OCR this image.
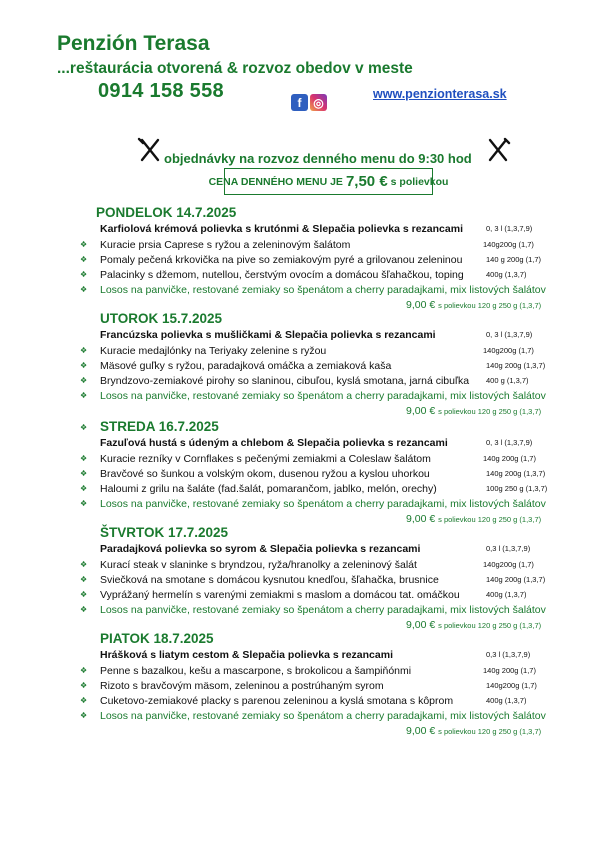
Penzión Terasa
...reštaurácia otvorená & rozvoz obedov v meste
0914 158 558
f ◎
www.penzionterasa.sk
objednávky na rozvoz denného menu do 9:30 hod
CENA DENNÉHO MENU JE 7,50 € s polievkou
PONDELOK 14.7.2025
Karfiolová krémová polievka s krutónmi & Slepačia polievka s rezancami	0, 3 l (1,3,7,9)
❖ Kuracie prsia Caprese s ryžou a zeleninovým šalátom	140g200g (1,7)
❖ Pomaly pečená krkovička na pive so zemiakovým pyré a grilovanou zeleninou	140 g 200g (1,7)
❖ Palacinky s džemom, nutellou, čerstvým ovocím a domácou šľahačkou, toping	400g (1,3,7)
❖ Losos na panvičke, restované zemiaky so špenátom a cherry paradajkami, mix listových šalátov
9,00 € s polievkou 120 g 250 g (1,3,7)
UTOROK 15.7.2025
Francúzska polievka s mušličkami & Slepačia polievka s rezancami	0, 3 l (1,3,7,9)
❖ Kuracie medajlónky na Teriyaky zelenine s ryžou	140g200g (1,7)
❖ Mäsové guľky s ryžou, paradajková omáčka a zemiaková kaša	140g 200g (1,3,7)
❖ Bryndzovo-zemiakové pirohy so slaninou, cibuľou, kyslá smotana, jarná cibuľka 400 g (1,3,7)
❖ Losos na panvičke, restované zemiaky so špenátom a cherry paradajkami, mix listových šalátov
9,00 € s polievkou 120 g 250 g (1,3,7)
❖ STREDA 16.7.2025
Fazuľová hustá s údeným a chlebom & Slepačia polievka s rezancami	0, 3 l (1,3,7,9)
❖ Kuracie rezníky v Cornflakes s pečenými zemiakmi a Coleslaw šalátom	140g 200g (1,7)
❖ Bravčové so šunkou a volským okom, dusenou ryžou a kyslou uhorkou	140g 200g (1,3,7)
❖ Haloumi z grilu na šaláte (fad.šalát, pomarančom, jablko, melón, orechy)	100g 250 g (1,3,7)
❖ Losos na panvičke, restované zemiaky so špenátom a cherry paradajkami, mix listových šalátov
9,00 € s polievkou 120 g 250 g (1,3,7)
ŠTVRTOK 17.7.2025
Paradajková polievka so syrom & Slepačia polievka s rezancami	0,3 l (1,3,7,9)
❖ Kurací steak v slaninke s bryndzou, ryža/hranolky a zeleninový šalát	140g200g (1,7)
❖ Sviečková na smotane s domácou kysnutou knedľou, šľahačka, brusnice	140g 200g (1,3,7)
❖ Vyprážaný hermelín s varenými zemiakmi s maslom a domácou tat. omáčkou	400g (1,3,7)
❖ Losos na panvičke, restované zemiaky so špenátom a cherry paradajkami, mix listových šalátov
9,00 € s polievkou 120 g 250 g (1,3,7)
PIATOK 18.7.2025
Hrášková s liatym cestom & Slepačia polievka s rezancami	0,3 l (1,3,7,9)
❖ Penne s bazalkou, kešu a mascarpone, s brokolicou a šampiňónmi	140g 200g (1,7)
❖ Rizoto s bravčovým mäsom, zeleninou a postrúhaným syrom	140g200g (1,7)
❖ Cuketovo-zemiakové placky s parenou zeleninou a kyslá smotana s kôprom	400g (1,3,7)
❖ Losos na panvičke, restované zemiaky so špenátom a cherry paradajkami, mix listových šalátov
9,00 € s polievkou 120 g 250 g (1,3,7)
